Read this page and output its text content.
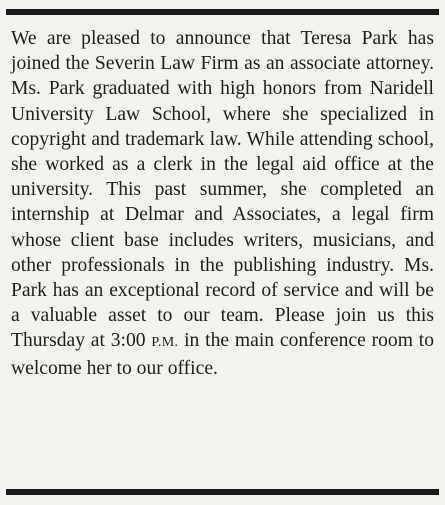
We are pleased to announce that Teresa Park has joined the Severin Law Firm as an associate attorney. Ms. Park graduated with high honors from Naridell University Law School, where she specialized in copyright and trademark law. While attending school, she worked as a clerk in the legal aid office at the university. This past summer, she completed an internship at Delmar and Associates, a legal firm whose client base includes writers, musicians, and other professionals in the publishing industry. Ms. Park has an exceptional record of service and will be a valuable asset to our team. Please join us this Thursday at 3:00 P.M. in the main conference room to welcome her to our office.
